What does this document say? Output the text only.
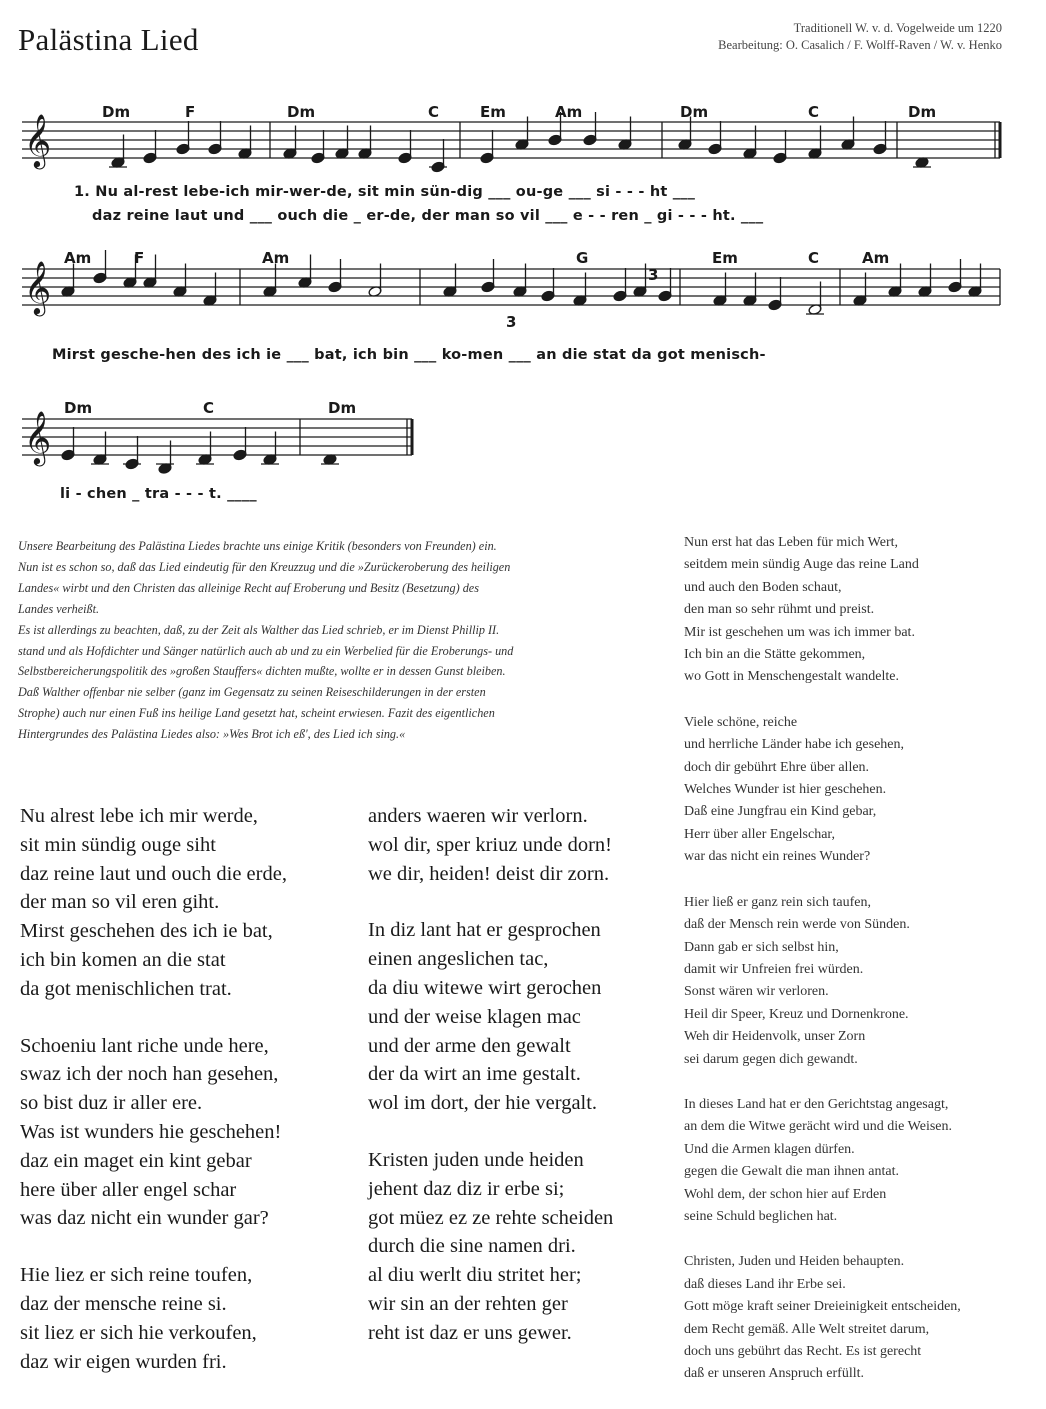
Palästina Lied	Traditionell W. v. d. Vogelweide um 1220
Bearbeitung: O. Casalich / F. Wolff-Raven / W. v. Henko
𝄞
Dm	F	Dm	C	Em	Am	Dm	C	Dm
1. Nu al-rest lebe-ich mir-wer-de, sit min sün-dig ___ ou-ge ___ si - - - ht ___
daz reine laut und ___ ouch die _ er-de, der man so vil ___ e - - ren _ gi - - - ht. ___
𝄞
Am	F	Am	G	Em	C	Am
3
3
Mirst gesche-hen des ich ie ___ bat, ich bin ___ ko-men ___ an die stat da got menisch-
𝄞
Dm	C	Dm
li - chen _ tra - - - t. ____

Unsere Bearbeitung des Palästina Liedes brachte uns einige Kritik (besonders von Freunden) ein.

Nun ist es schon so, daß das Lied eindeutig für den Kreuzzug und die »Zurückeroberung des heiligen

Landes« wirbt und den Christen das alleinige Recht auf Eroberung und Besitz (Besetzung) des

Landes verheißt.

Es ist allerdings zu beachten, daß, zu der Zeit als Walther das Lied schrieb, er im Dienst Phillip II.

stand und als Hofdichter und Sänger natürlich auch ab und zu ein Werbelied für die Eroberungs- und

Selbstbereicherungspolitik des »großen Stauffers« dichten mußte, wollte er in dessen Gunst bleiben.

Daß Walther offenbar nie selber (ganz im Gegensatz zu seinen Reiseschilderungen in der ersten

Strophe) auch nur einen Fuß ins heilige Land gesetzt hat, scheint erwiesen. Fazit des eigentlichen

Hintergrundes des Palästina Liedes also: »Wes Brot ich eß', des Lied ich sing.«

Nu alrest lebe ich mir werde,
sit min sündig ouge siht
daz reine laut und ouch die erde,
der man so vil eren giht.
Mirst geschehen des ich ie bat,
ich bin komen an die stat
da got menischlichen trat.
Schoeniu lant riche unde here,
swaz ich der noch han gesehen,
so bist duz ir aller ere.
Was ist wunders hie geschehen!
daz ein maget ein kint gebar
here über aller engel schar
was daz nicht ein wunder gar?
Hie liez er sich reine toufen,
daz der mensche reine si.
sit liez er sich hie verkoufen,
daz wir eigen wurden fri.
anders waeren wir verlorn.
wol dir, sper kriuz unde dorn!
we dir, heiden! deist dir zorn.
In diz lant hat er gesprochen
einen angeslichen tac,
da diu witewe wirt gerochen
und der weise klagen mac
und der arme den gewalt
der da wirt an ime gestalt.
wol im dort, der hie vergalt.
Kristen juden unde heiden
jehent daz diz ir erbe si;
got müez ez ze rehte scheiden
durch die sine namen dri.
al diu werlt diu stritet her;
wir sin an der rehten ger
reht ist daz er uns gewer.
Nun erst hat das Leben für mich Wert,
seitdem mein sündig Auge das reine Land
und auch den Boden schaut,
den man so sehr rühmt und preist.
Mir ist geschehen um was ich immer bat.
Ich bin an die Stätte gekommen,
wo Gott in Menschengestalt wandelte.
Viele schöne, reiche
und herrliche Länder habe ich gesehen,
doch dir gebührt Ehre über allen.
Welches Wunder ist hier geschehen.
Daß eine Jungfrau ein Kind gebar,
Herr über aller Engelschar,
war das nicht ein reines Wunder?
Hier ließ er ganz rein sich taufen,
daß der Mensch rein werde von Sünden.
Dann gab er sich selbst hin,
damit wir Unfreien frei würden.
Sonst wären wir verloren.
Heil dir Speer, Kreuz und Dornenkrone.
Weh dir Heidenvolk, unser Zorn
sei darum gegen dich gewandt.
In dieses Land hat er den Gerichtstag angesagt,
an dem die Witwe gerächt wird und die Weisen.
Und die Armen klagen dürfen.
gegen die Gewalt die man ihnen antat.
Wohl dem, der schon hier auf Erden
seine Schuld beglichen hat.
Christen, Juden und Heiden behaupten.
daß dieses Land ihr Erbe sei.
Gott möge kraft seiner Dreieinigkeit entscheiden,
dem Recht gemäß. Alle Welt streitet darum,
doch uns gebührt das Recht. Es ist gerecht
daß er unseren Anspruch erfüllt.
